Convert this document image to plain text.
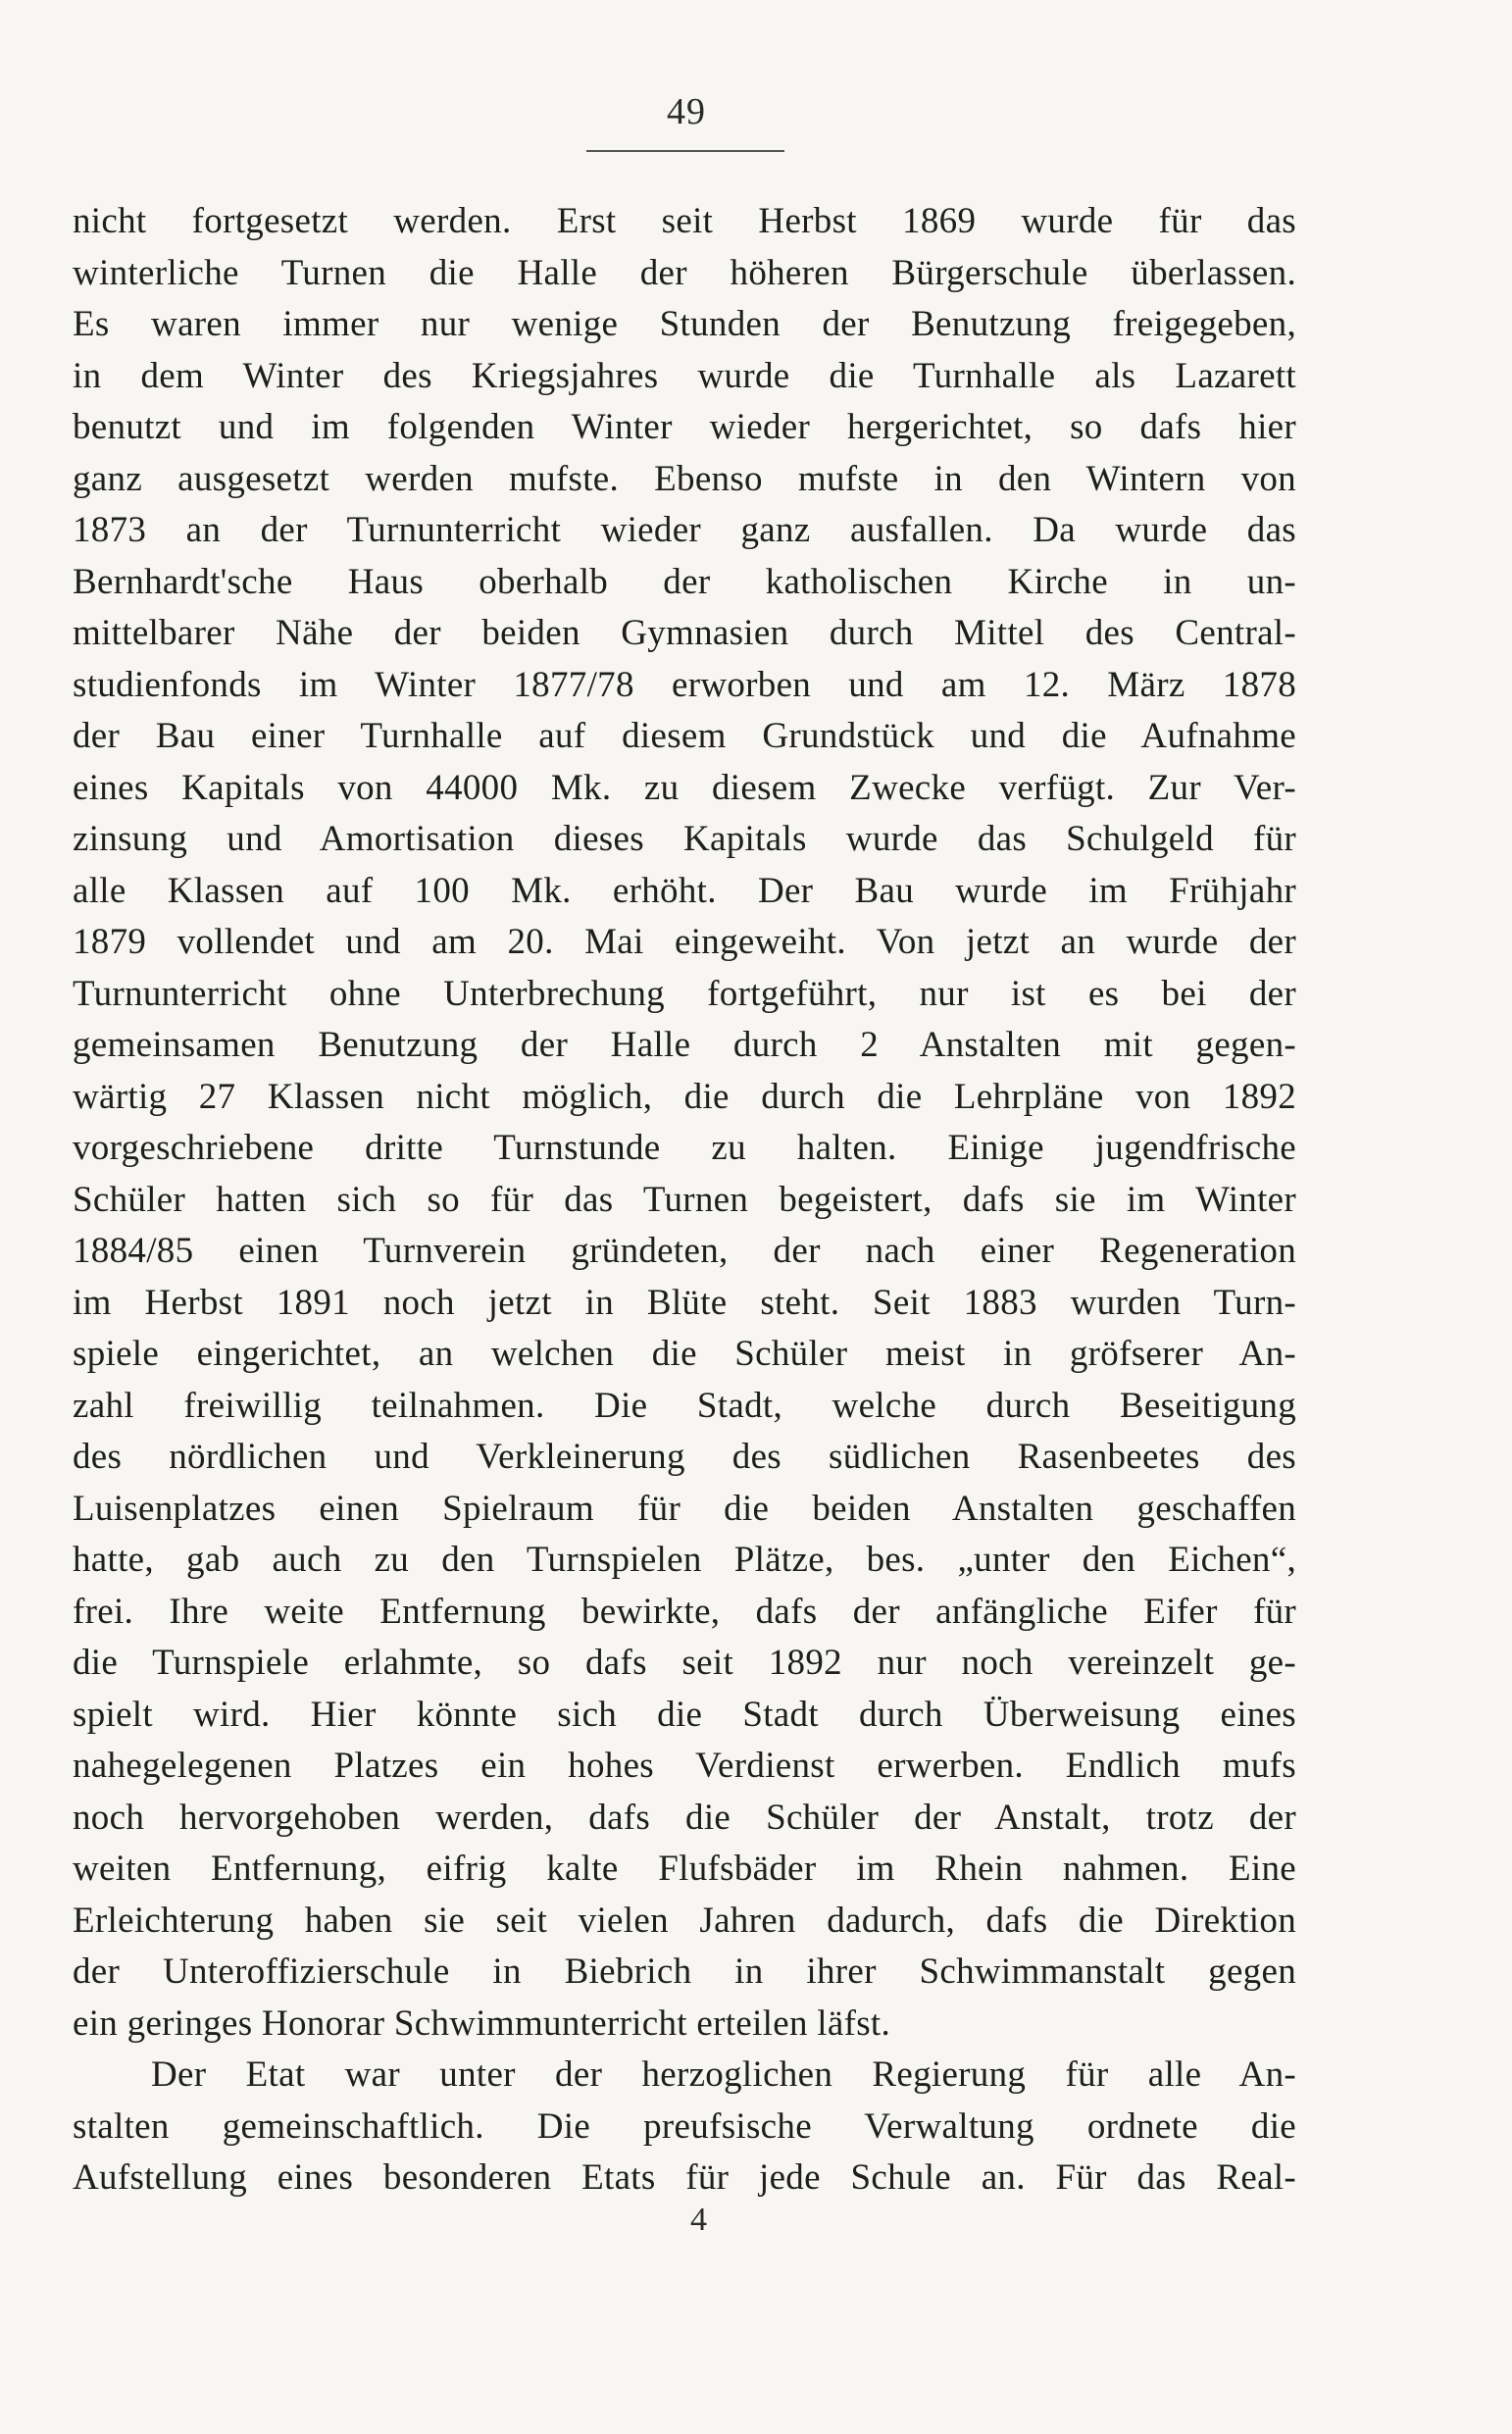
49
nicht fortgesetzt werden. Erst seit Herbst 1869 wurde für das
winterliche Turnen die Halle der höheren Bürgerschule überlassen.
Es waren immer nur wenige Stunden der Benutzung freigegeben,
in dem Winter des Kriegsjahres wurde die Turnhalle als Lazarett
benutzt und im folgenden Winter wieder hergerichtet, so dafs hier
ganz ausgesetzt werden mufste. Ebenso mufste in den Wintern von
1873 an der Turnunterricht wieder ganz ausfallen. Da wurde das
Bernhardt'sche Haus oberhalb der katholischen Kirche in un-
mittelbarer Nähe der beiden Gymnasien durch Mittel des Central-
studienfonds im Winter 1877/78 erworben und am 12. März 1878
der Bau einer Turnhalle auf diesem Grundstück und die Aufnahme
eines Kapitals von 44000 Mk. zu diesem Zwecke verfügt. Zur Ver-
zinsung und Amortisation dieses Kapitals wurde das Schulgeld für
alle Klassen auf 100 Mk. erhöht. Der Bau wurde im Frühjahr
1879 vollendet und am 20. Mai eingeweiht. Von jetzt an wurde der
Turnunterricht ohne Unterbrechung fortgeführt, nur ist es bei der
gemeinsamen Benutzung der Halle durch 2 Anstalten mit gegen-
wärtig 27 Klassen nicht möglich, die durch die Lehrpläne von 1892
vorgeschriebene dritte Turnstunde zu halten. Einige jugendfrische
Schüler hatten sich so für das Turnen begeistert, dafs sie im Winter
1884/85 einen Turnverein gründeten, der nach einer Regeneration
im Herbst 1891 noch jetzt in Blüte steht. Seit 1883 wurden Turn-
spiele eingerichtet, an welchen die Schüler meist in gröfserer An-
zahl freiwillig teilnahmen. Die Stadt, welche durch Beseitigung
des nördlichen und Verkleinerung des südlichen Rasenbeetes des
Luisenplatzes einen Spielraum für die beiden Anstalten geschaffen
hatte, gab auch zu den Turnspielen Plätze, bes. „unter den Eichen“,
frei. Ihre weite Entfernung bewirkte, dafs der anfängliche Eifer für
die Turnspiele erlahmte, so dafs seit 1892 nur noch vereinzelt ge-
spielt wird. Hier könnte sich die Stadt durch Überweisung eines
nahegelegenen Platzes ein hohes Verdienst erwerben. Endlich mufs
noch hervorgehoben werden, dafs die Schüler der Anstalt, trotz der
weiten Entfernung, eifrig kalte Flufsbäder im Rhein nahmen. Eine
Erleichterung haben sie seit vielen Jahren dadurch, dafs die Direktion
der Unteroffizierschule in Biebrich in ihrer Schwimmanstalt gegen
ein geringes Honorar Schwimmunterricht erteilen läfst.
Der Etat war unter der herzoglichen Regierung für alle An-
stalten gemeinschaftlich. Die preufsische Verwaltung ordnete die
Aufstellung eines besonderen Etats für jede Schule an. Für das Real-
4
